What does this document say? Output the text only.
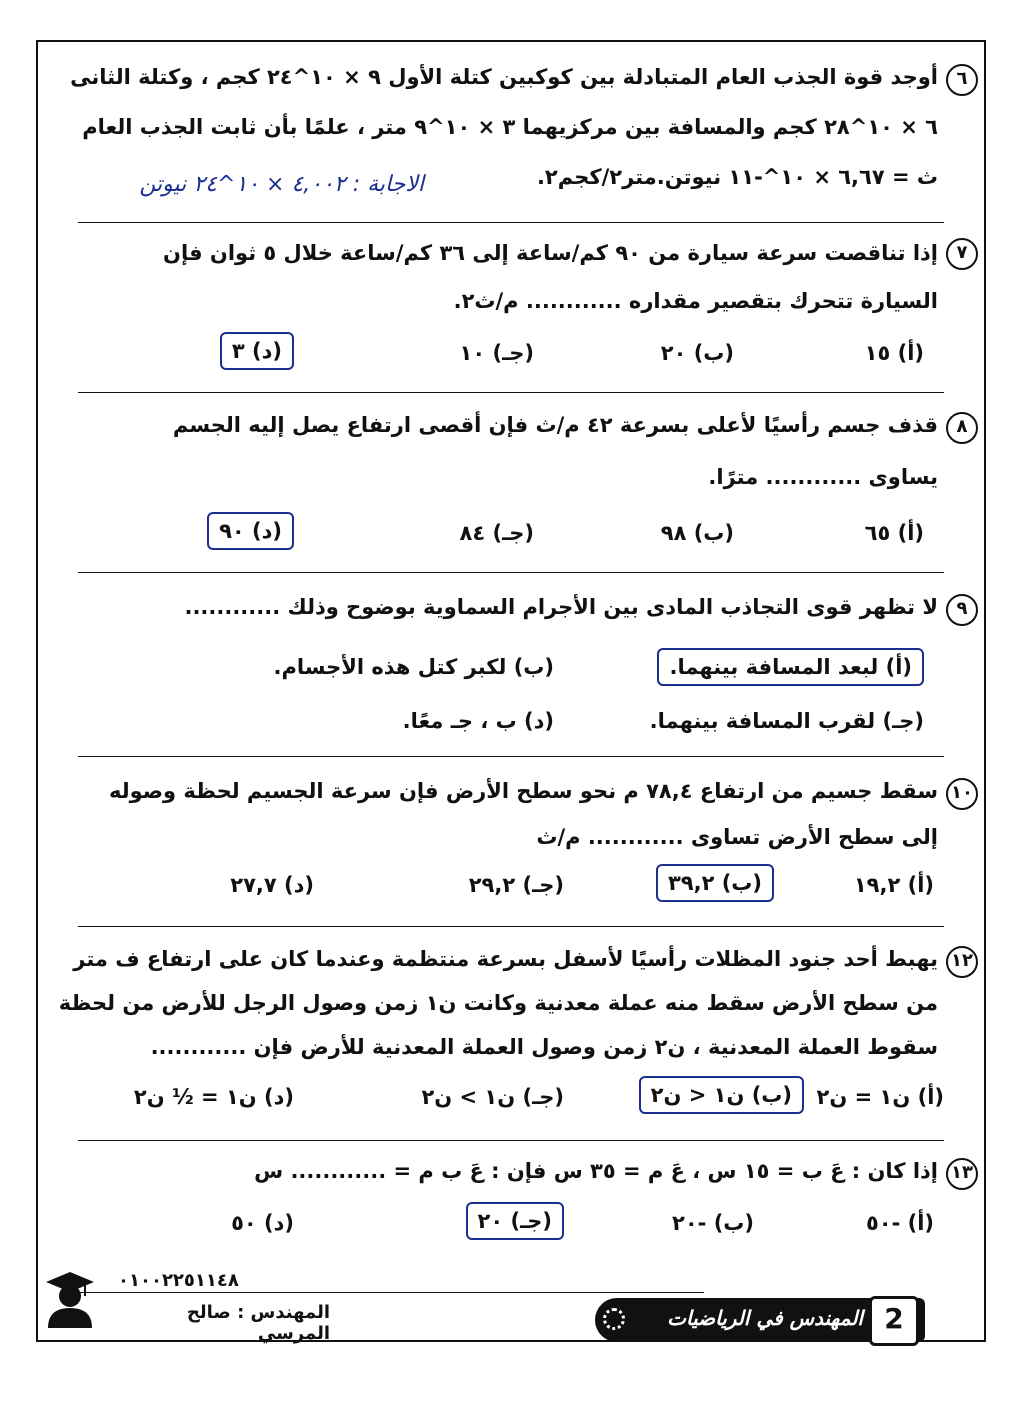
٦
أوجد قوة الجذب العام المتبادلة بين كوكبين كتلة الأول ٩ × ١٠^٢٤ كجم ، وكتلة الثانى
٦ × ١٠^٢٨ كجم والمسافة بين مركزيهما ٣ × ١٠^٩ متر ، علمًا بأن ثابت الجذب العام
ث = ٦,٦٧ × ١٠^-١١ نيوتن.متر٢/كجم٢.
الاجابة : ٤,٠٠٢ × ١٠^٢٤ نيوتن
٧
إذا تناقصت سرعة سيارة من ٩٠ كم/ساعة إلى ٣٦ كم/ساعة خلال ٥ ثوان فإن
السيارة تتحرك بتقصير مقداره ............ م/ث٢.
(أ) ١٥
(ب) ٢٠
(جـ) ١٠
(د) ٣
٨
قذف جسم رأسيًا لأعلى بسرعة ٤٢ م/ث فإن أقصى ارتفاع يصل إليه الجسم
يساوى ............ مترًا.
(أ) ٦٥
(ب) ٩٨
(جـ) ٨٤
(د) ٩٠
٩
لا تظهر قوى التجاذب المادى بين الأجرام السماوية بوضوح وذلك ............
(أ) لبعد المسافة بينهما.
(ب) لكبر كتل هذه الأجسام.
(جـ) لقرب المسافة بينهما.
(د) ب ، جـ معًا.
١٠
سقط جسيم من ارتفاع ٧٨,٤ م نحو سطح الأرض فإن سرعة الجسيم لحظة وصوله
إلى سطح الأرض تساوى ............ م/ث
(أ) ١٩,٢
(ب) ٣٩,٢
(جـ) ٢٩,٢
(د) ٢٧,٧
١٢
يهبط أحد جنود المظلات رأسيًا لأسفل بسرعة منتظمة وعندما كان على ارتفاع ف متر
من سطح الأرض سقط منه عملة معدنية وكانت ن١ زمن وصول الرجل للأرض من لحظة
سقوط العملة المعدنية ، ن٢ زمن وصول العملة المعدنية للأرض فإن ............
(أ) ن١ = ن٢
(ب) ن١ < ن٢
(جـ) ن١ > ن٢
(د) ن١ = ½ ن٢
١٣
إذا كان : عَ ب = ١٥ س ، عَ م = ٣٥ س فإن : عَ ب م = ............ س
(أ) -٥٠
(ب) -٢٠
(جـ) ٢٠
(د) ٥٠
٠١٠٠٢٢٥١١٤٨
المهندس : صالح المرسي
المهندس في الرياضيات 2
